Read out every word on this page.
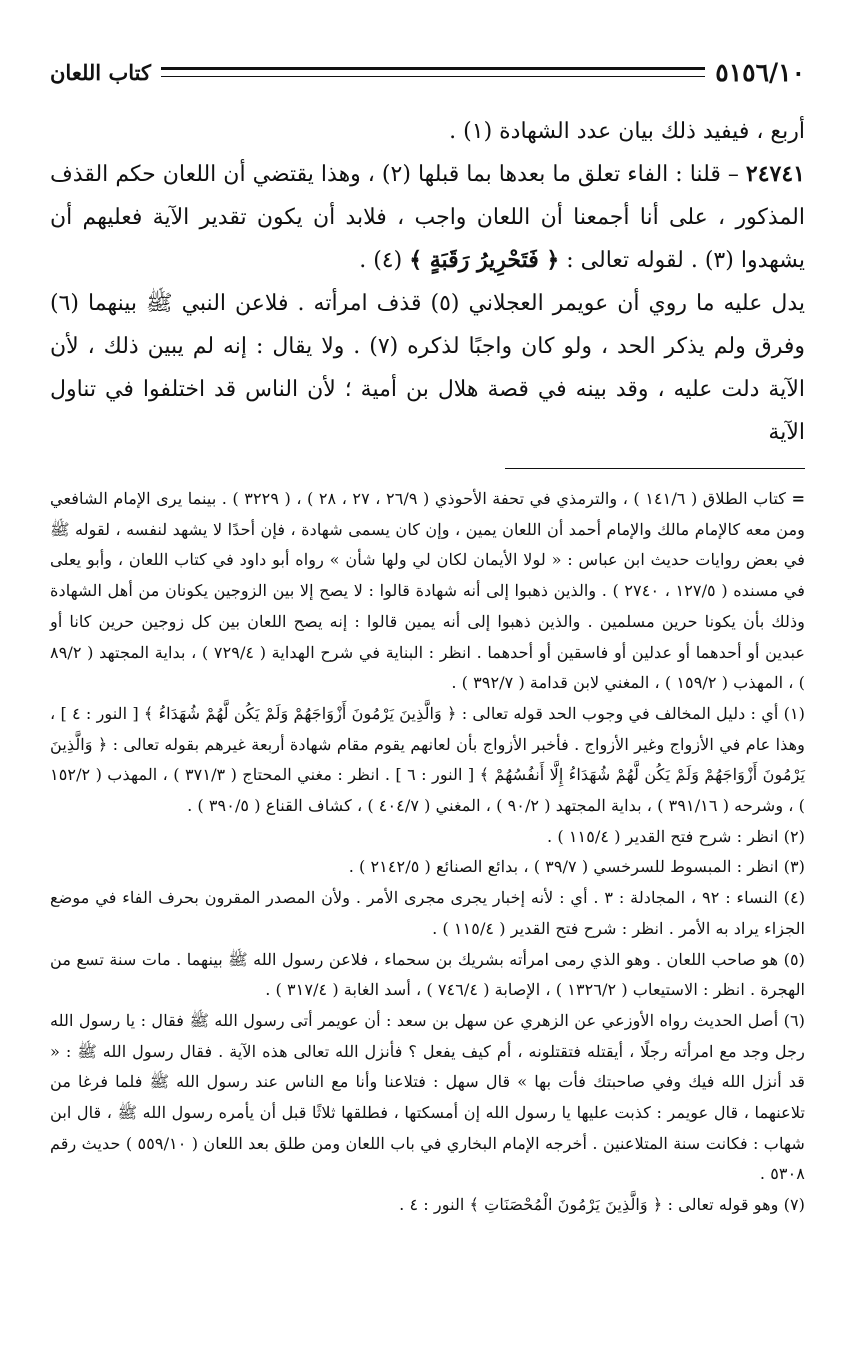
٥١٥٦/١٠
كتاب اللعان

أربع ، فيفيد ذلك بيان عدد الشهادة (١) .

٢٤٧٤١ – قلنا : الفاء تعلق ما بعدها بما قبلها (٢) ، وهذا يقتضي أن اللعان حكم القذف المذكور ، على أنا أجمعنا أن اللعان واجب ، فلابد أن يكون تقدير الآية فعليهم أن يشهدوا (٣) . لقوله تعالى : ﴿ فَتَحْرِيرُ رَقَبَةٍ ﴾ (٤) .

يدل عليه ما روي أن عويمر العجلاني (٥) قذف امرأته . فلاعن النبي ﷺ بينهما (٦) وفرق ولم يذكر الحد ، ولو كان واجبًا لذكره (٧) . ولا يقال : إنه لم يبين ذلك ، لأن الآية دلت عليه ، وقد بينه في قصة هلال بن أمية ؛ لأن الناس قد اختلفوا في تناول الآية

= كتاب الطلاق ( ١٤١/٦ ) ، والترمذي في تحفة الأحوذي ( ٢٦/٩ ، ٢٧ ، ٢٨ ) ، ( ٣٢٢٩ ) . بينما يرى الإمام الشافعي ومن معه كالإمام مالك والإمام أحمد أن اللعان يمين ، وإن كان يسمى شهادة ، فإن أحدًا لا يشهد لنفسه ، لقوله ﷺ في بعض روايات حديث ابن عباس : « لولا الأيمان لكان لي ولها شأن » رواه أبو داود في كتاب اللعان ، وأبو يعلى في مسنده ( ١٢٧/٥ ، ٢٧٤٠ ) . والذين ذهبوا إلى أنه شهادة قالوا : لا يصح إلا بين الزوجين يكونان من أهل الشهادة وذلك بأن يكونا حرين مسلمين . والذين ذهبوا إلى أنه يمين قالوا : إنه يصح اللعان بين كل زوجين حرين كانا أو عبدين أو أحدهما أو عدلين أو فاسقين أو أحدهما . انظر : البناية في شرح الهداية ( ٧٢٩/٤ ) ، بداية المجتهد ( ٨٩/٢ ) ، المهذب ( ١٥٩/٢ ) ، المغني لابن قدامة ( ٣٩٢/٧ ) .

(١) أي : دليل المخالف في وجوب الحد قوله تعالى : ﴿ وَالَّذِينَ يَرْمُونَ أَزْوَاجَهُمْ وَلَمْ يَكُن لَّهُمْ شُهَدَاءُ ﴾ [ النور : ٤ ] ، وهذا عام في الأزواج وغير الأزواج . فأخبر الأزواج بأن لعانهم يقوم مقام شهادة أربعة غيرهم بقوله تعالى : ﴿ وَالَّذِينَ يَرْمُونَ أَزْوَاجَهُمْ وَلَمْ يَكُن لَّهُمْ شُهَدَاءُ إِلَّا أَنفُسُهُمْ ﴾ [ النور : ٦ ] . انظر : مغني المحتاج ( ٣٧١/٣ ) ، المهذب ( ١٥٢/٢ ) ، وشرحه ( ٣٩١/١٦ ) ، بداية المجتهد ( ٩٠/٢ ) ، المغني ( ٤٠٤/٧ ) ، كشاف القناع ( ٣٩٠/٥ ) .

(٢) انظر : شرح فتح القدير ( ١١٥/٤ ) .

(٣) انظر : المبسوط للسرخسي ( ٣٩/٧ ) ، بدائع الصنائع ( ٢١٤٢/٥ ) .

(٤) النساء : ٩٢ ، المجادلة : ٣ . أي : لأنه إخبار يجرى مجرى الأمر . ولأن المصدر المقرون بحرف الفاء في موضع الجزاء يراد به الأمر . انظر : شرح فتح القدير ( ١١٥/٤ ) .

(٥) هو صاحب اللعان . وهو الذي رمى امرأته بشريك بن سحماء ، فلاعن رسول الله ﷺ بينهما . مات سنة تسع من الهجرة . انظر : الاستيعاب ( ١٣٢٦/٢ ) ، الإصابة ( ٧٤٦/٤ ) ، أسد الغابة ( ٣١٧/٤ ) .

(٦) أصل الحديث رواه الأوزعي عن الزهري عن سهل بن سعد : أن عويمر أتى رسول الله ﷺ فقال : يا رسول الله رجل وجد مع امرأته رجلًا ، أيقتله فتقتلونه ، أم كيف يفعل ؟ فأنزل الله تعالى هذه الآية . فقال رسول الله ﷺ : « قد أنزل الله فيك وفي صاحبتك فأت بها » قال سهل : فتلاعنا وأنا مع الناس عند رسول الله ﷺ فلما فرغا من تلاعنهما ، قال عويمر : كذبت عليها يا رسول الله إن أمسكتها ، فطلقها ثلاثًا قبل أن يأمره رسول الله ﷺ ، قال ابن شهاب : فكانت سنة المتلاعنين . أخرجه الإمام البخاري في باب اللعان ومن طلق بعد اللعان ( ٥٥٩/١٠ ) حديث رقم ٥٣٠٨ .

(٧) وهو قوله تعالى : ﴿ وَالَّذِينَ يَرْمُونَ الْمُحْصَنَاتِ ﴾ النور : ٤ .
